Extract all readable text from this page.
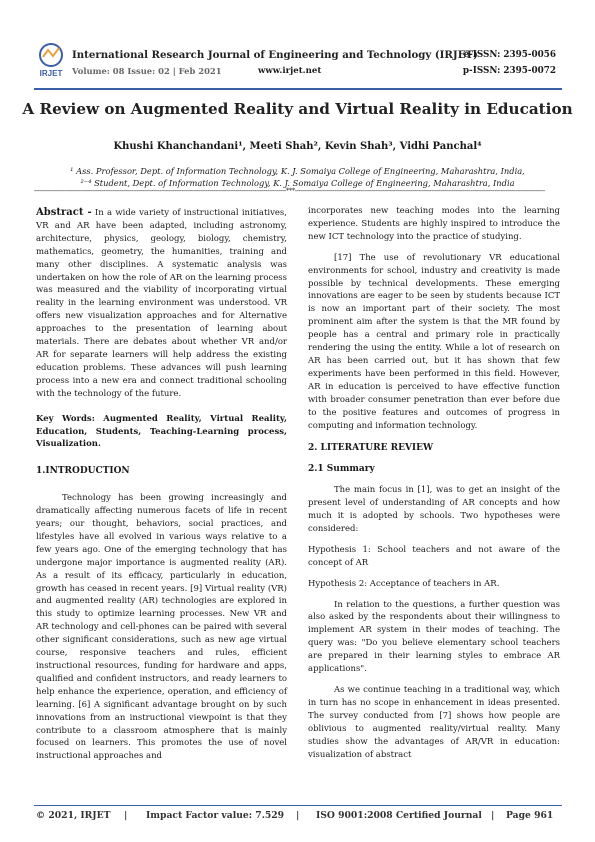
IRJET
International Research Journal of Engineering and Technology (IRJET)
Volume: 08 Issue: 02 | Feb 2021	www.irjet.net
e-ISSN: 2395-0056
p-ISSN: 2395-0072
A Review on Augmented Reality and Virtual Reality in Education
Khushi Khanchandani¹, Meeti Shah², Kevin Shah³, Vidhi Panchal⁴
¹ Ass. Professor, Dept. of Information Technology, K. J. Somaiya College of Engineering, Maharashtra, India,
²⁻⁴ Student, Dept. of Information Technology, K. J. Somaiya College of Engineering, Maharashtra, India
---------------------------------------------------------------------------------------------------------------------------------------***--------------------------------------------------------------------------------------------------------------------------------------

Abstract - In a wide variety of instructional initiatives, VR and AR have been adapted, including astronomy, architecture, physics, geology, biology, chemistry, mathematics, geometry, the humanities, training and many other disciplines. A systematic analysis was undertaken on how the role of AR on the learning process was measured and the viability of incorporating virtual reality in the learning environment was understood. VR offers new visualization approaches and for Alternative approaches to the presentation of learning about materials. There are debates about whether VR and/or AR for separate learners will help address the existing education problems. These advances will push learning process into a new era and connect traditional schooling with the technology of the future.

Key Words: Augmented Reality, Virtual Reality, Education, Students, Teaching-Learning process, Visualization.

1.INTRODUCTION

Technology has been growing increasingly and dramatically affecting numerous facets of life in recent years; our thought, behaviors, social practices, and lifestyles have all evolved in various ways relative to a few years ago. One of the emerging technology that has undergone major importance is augmented reality (AR). As a result of its efficacy, particularly in education, growth has ceased in recent years. [9] Virtual reality (VR) and augmented reality (AR) technologies are explored in this study to optimize learning processes. New VR and AR technology and cell-phones can be paired with several other significant considerations, such as new age virtual course, responsive teachers and rules, efficient instructional resources, funding for hardware and apps, qualified and confident instructors, and ready learners to help enhance the experience, operation, and efficiency of learning. [6] A significant advantage brought on by such innovations from an instructional viewpoint is that they contribute to a classroom atmosphere that is mainly focused on learners. This promotes the use of novel instructional approaches and

incorporates new teaching modes into the learning experience. Students are highly inspired to introduce the new ICT technology into the practice of studying.

[17] The use of revolutionary VR educational environments for school, industry and creativity is made possible by technical developments. These emerging innovations are eager to be seen by students because ICT is now an important part of their society. The most prominent aim after the system is that the MR found by people has a central and primary role in practically rendering the using the entity. While a lot of research on AR has been carried out, but it has shown that few experiments have been performed in this field. However, AR in education is perceived to have effective function with broader consumer penetration than ever before due to the positive features and outcomes of progress in computing and information technology.

2. LITERATURE REVIEW

2.1 Summary

The main focus in [1], was to get an insight of the present level of understanding of AR concepts and how much it is adopted by schools. Two hypotheses were considered:

Hypothesis 1: School teachers and not aware of the concept of AR

Hypothesis 2: Acceptance of teachers in AR.

In relation to the questions, a further question was also asked by the respondents about their willingness to implement AR system in their modes of teaching. The query was: "Do you believe elementary school teachers are prepared in their learning styles to embrace AR applications".

As we continue teaching in a traditional way, which in turn has no scope in enhancement in ideas presented. The survey conducted from [7] shows how people are oblivious to augmented reality/virtual reality. Many studies show the advantages of AR/VR in education: visualization of abstract

© 2021, IRJET | Impact Factor value: 7.529 | ISO 9001:2008 Certified Journal | Page 961
